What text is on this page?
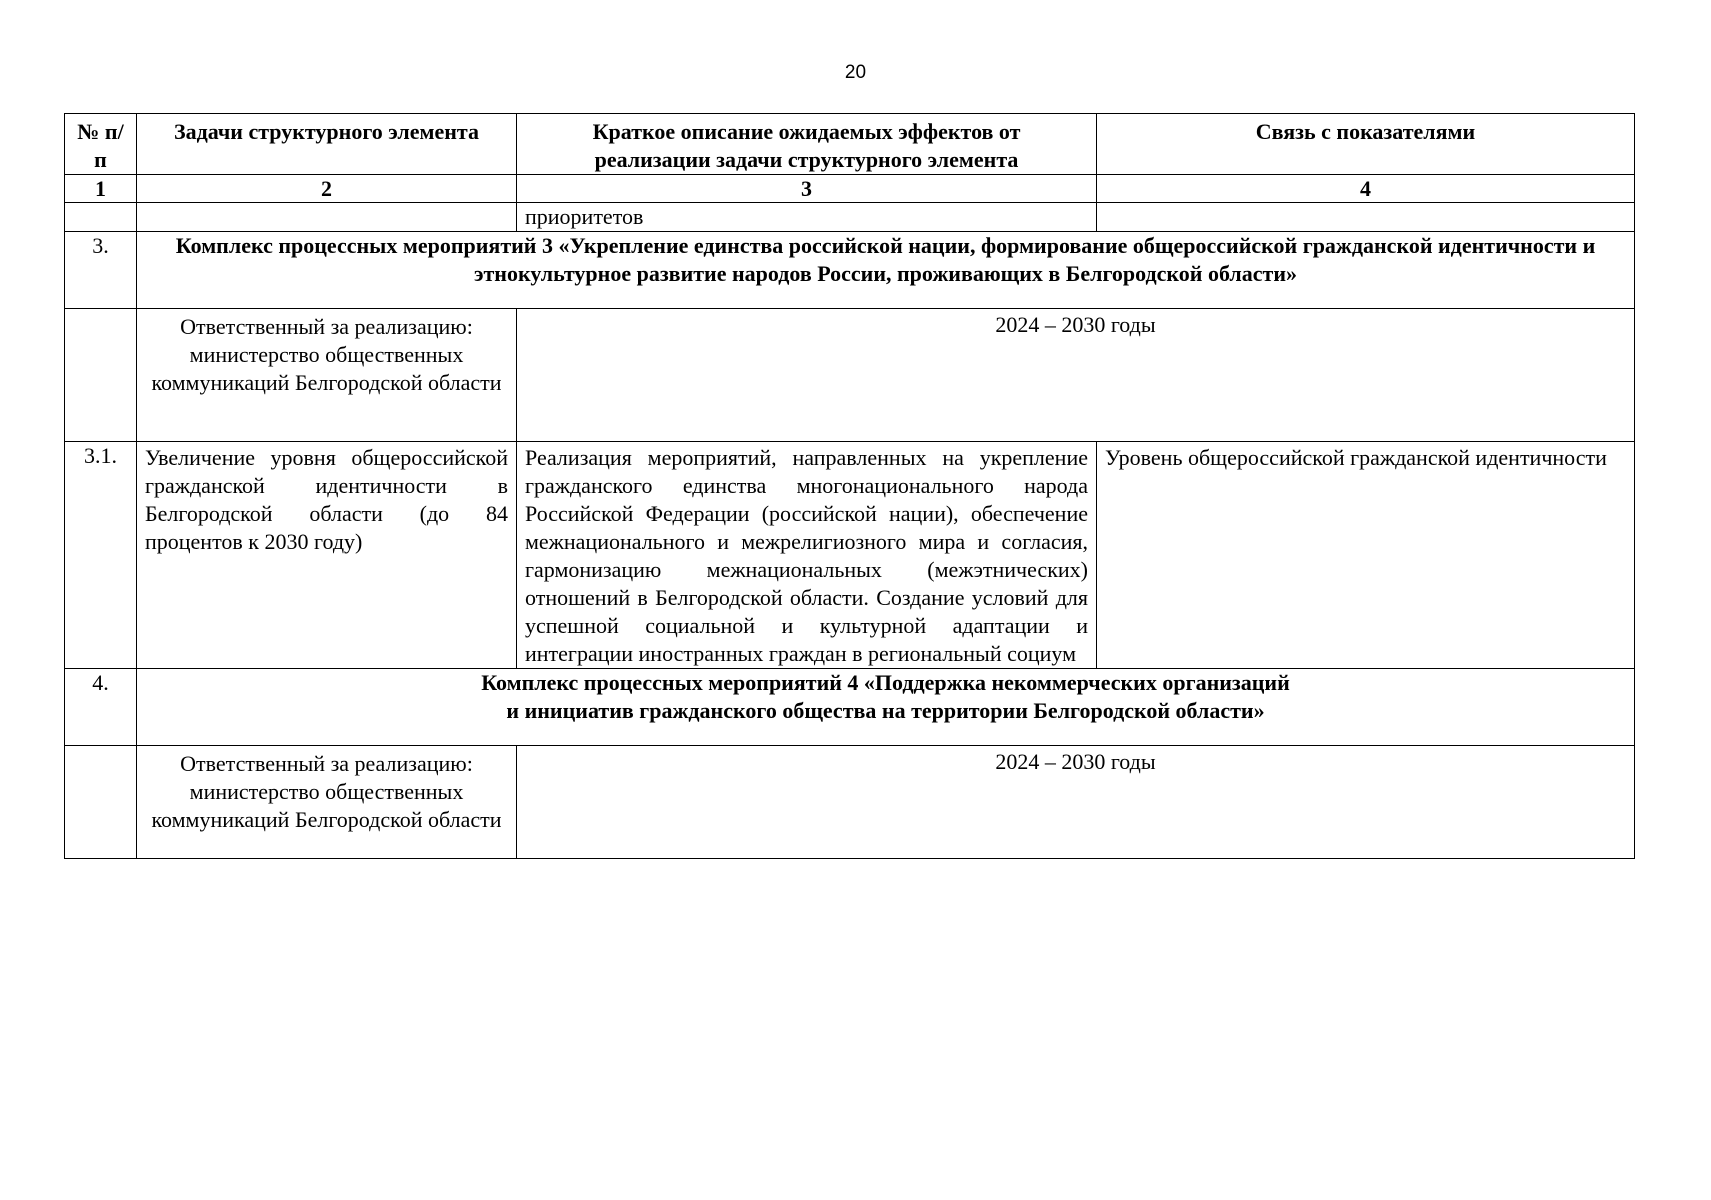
20
№ п/п	Задачи структурного элемента	Краткое описание ожидаемых эффектов от реализации задачи структурного элемента	Связь с показателями
1	2	3	4
		приоритетов	
3.	Комплекс процессных мероприятий 3 «Укрепление единства российской нации, формирование общероссийской гражданской идентичности и этнокультурное развитие народов России, проживающих в Белгородской области»		
	Ответственный за реализацию: министерство общественных коммуникаций Белгородской области	2024 – 2030 годы	
3.1.	Увеличение уровня общероссийской гражданской идентичности в Белгородской области (до 84 процентов к 2030 году)	Реализация мероприятий, направленных на укрепление гражданского единства многонационального народа Российской Федерации (российской нации), обеспечение межнационального и межрелигиозного мира и согласия, гармонизацию межнациональных (межэтнических) отношений в Белгородской области. Создание условий для успешной социальной и культурной адаптации и интеграции иностранных граждан в региональный социум	Уровень общероссийской гражданской идентичности
4.	Комплекс процессных мероприятий 4 «Поддержка некоммерческих организаций
и инициатив гражданского общества на территории Белгородской области»		

	Ответственный за реализацию: министерство общественных коммуникаций Белгородской области	2024 – 2030 годы	
